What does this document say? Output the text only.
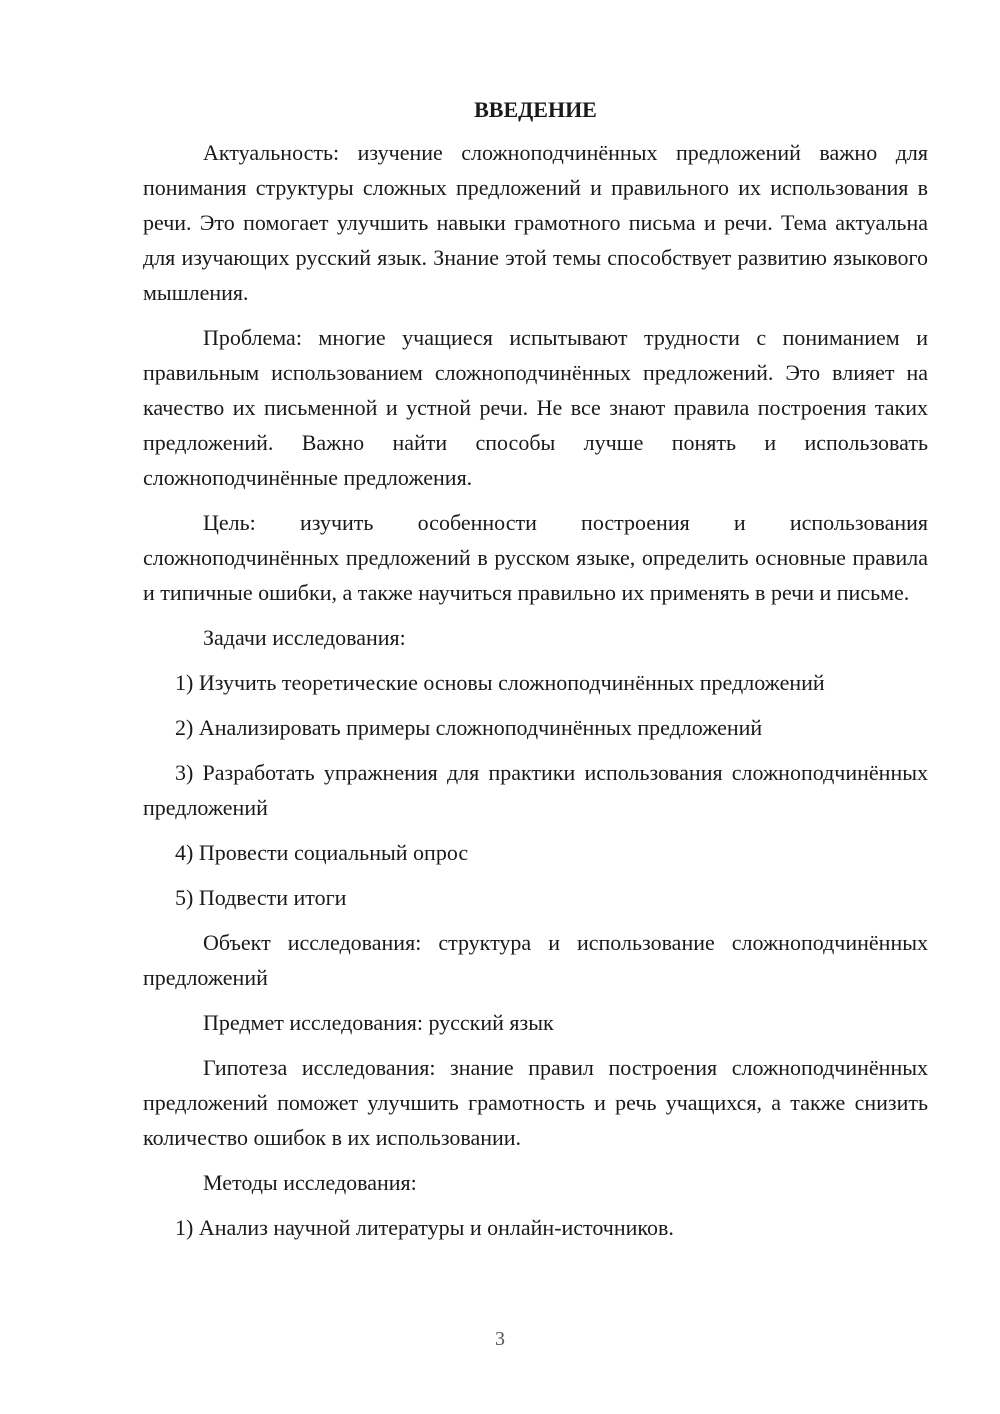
ВВЕДЕНИЕ

Актуальность: изучение сложноподчинённых предложений важно для понимания структуры сложных предложений и правильного их использования в речи. Это помогает улучшить навыки грамотного письма и речи. Тема актуальна для изучающих русский язык. Знание этой темы способствует развитию языкового мышления.

Проблема: многие учащиеся испытывают трудности с пониманием и правильным использованием сложноподчинённых предложений. Это влияет на качество их письменной и устной речи. Не все знают правила построения таких предложений. Важно найти способы лучше понять и использовать сложноподчинённые предложения.

Цель: изучить особенности построения и использования сложноподчинённых предложений в русском языке, определить основные правила и типичные ошибки, а также научиться правильно их применять в речи и письме.

Задачи исследования:

1) Изучить теоретические основы сложноподчинённых предложений

2) Анализировать примеры сложноподчинённых предложений

3) Разработать упражнения для практики использования сложноподчинённых предложений

4) Провести социальный опрос

5) Подвести итоги

Объект исследования: структура и использование сложноподчинённых предложений

Предмет исследования: русский язык

Гипотеза исследования: знание правил построения сложноподчинённых предложений поможет улучшить грамотность и речь учащихся, а также снизить количество ошибок в их использовании.

Методы исследования:

1) Анализ научной литературы и онлайн-источников.

3
